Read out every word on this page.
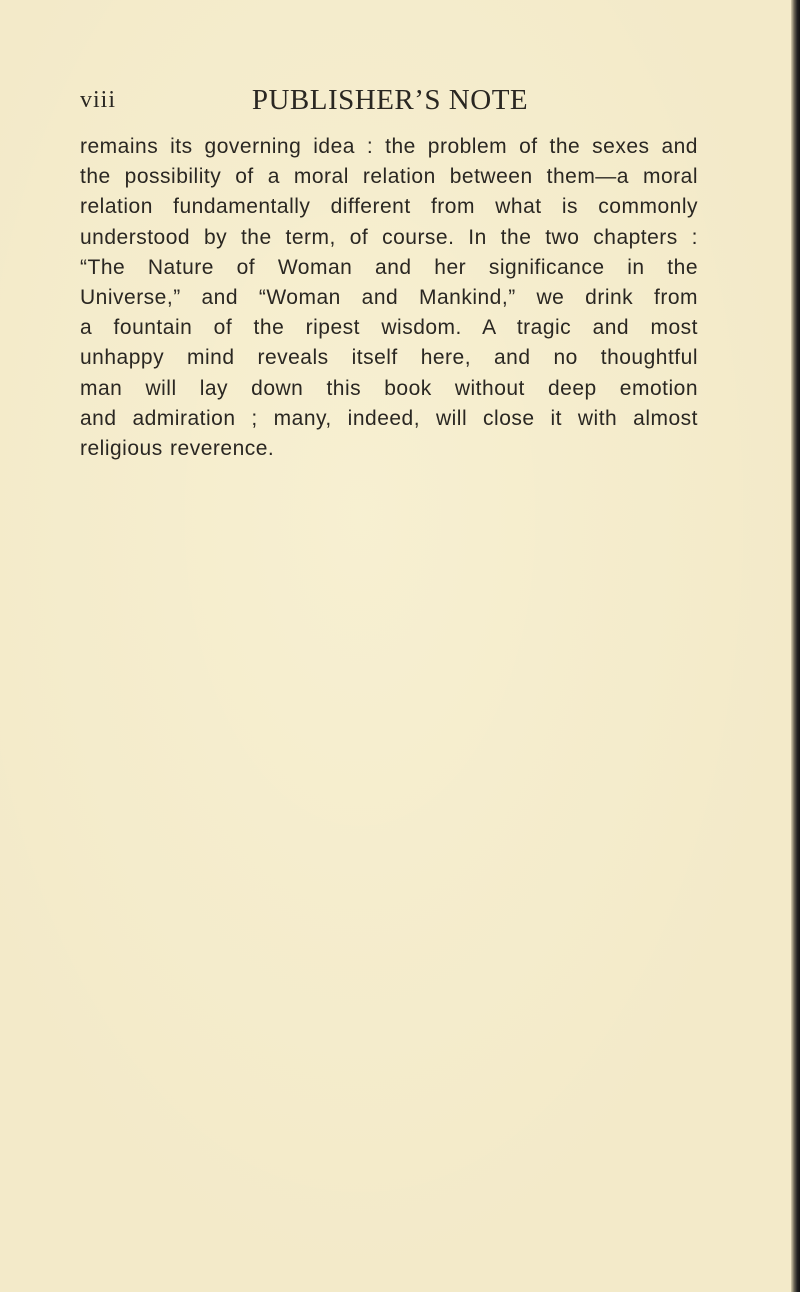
viii	PUBLISHER’S NOTE
remains its governing idea : the problem of the sexes and
the possibility of a moral relation between them—a moral
relation fundamentally different from what is commonly
understood by the term, of course. In the two chapters :
“The Nature of Woman and her significance in the
Universe,” and “Woman and Mankind,” we drink from
a fountain of the ripest wisdom. A tragic and most
unhappy mind reveals itself here, and no thoughtful
man will lay down this book without deep emotion
and admiration ; many, indeed, will close it with almost
religious reverence.
